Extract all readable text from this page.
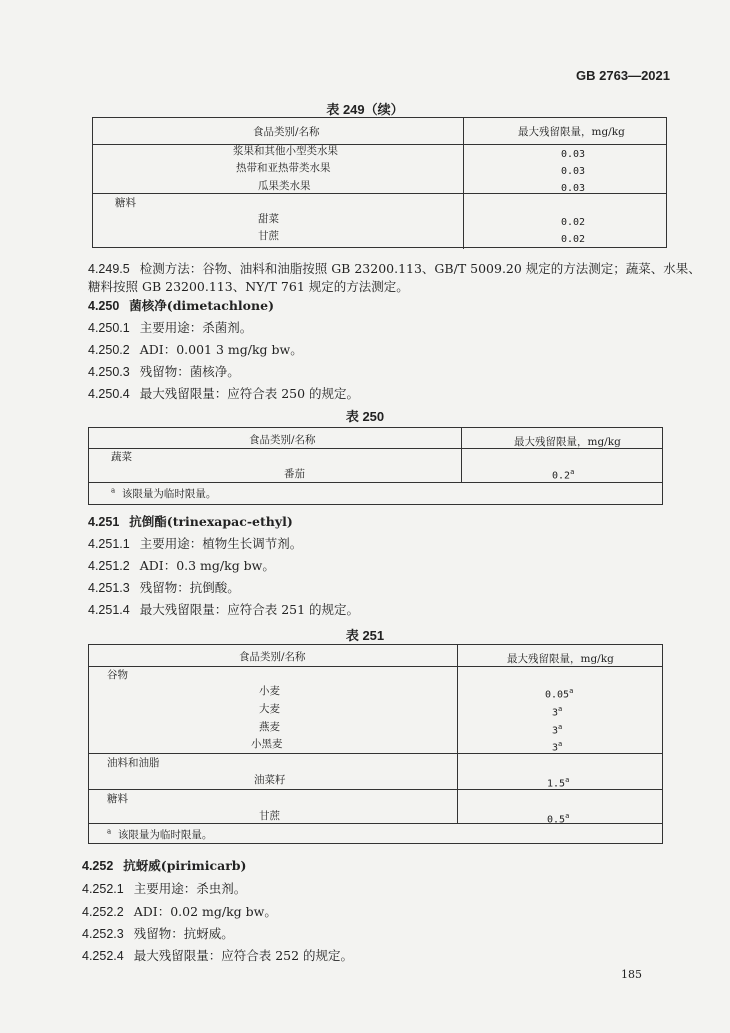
GB 2763—2021
表 249（续）
食品类别/名称	最大残留限量，mg/kg
浆果和其他小型类水果	0.03
热带和亚热带类水果	0.03
瓜果类水果	0.03
糖料
甜菜	0.02
甘蔗	0.02
4.249.5 检测方法：谷物、油料和油脂按照 GB 23200.113、GB/T 5009.20 规定的方法测定；蔬菜、水果、
糖料按照 GB 23200.113、NY/T 761 规定的方法测定。
4.250 菌核净(dimetachlone)
4.250.1 主要用途：杀菌剂。
4.250.2 ADI：0.001 3 mg/kg bw。
4.250.3 残留物：菌核净。
4.250.4 最大残留限量：应符合表 250 的规定。
表 250
食品类别/名称	最大残留限量，mg/kg
蔬菜
番茄	0.2$^a$
$^a$ 该限量为临时限量。
4.251 抗倒酯(trinexapac-ethyl)
4.251.1 主要用途：植物生长调节剂。
4.251.2 ADI：0.3 mg/kg bw。
4.251.3 残留物：抗倒酸。
4.251.4 最大残留限量：应符合表 251 的规定。
表 251
食品类别/名称	最大残留限量，mg/kg
谷物
小麦	0.05$^a$
大麦	3$^a$
燕麦	3$^a$
小黑麦	3$^a$
油料和油脂
油菜籽	1.5$^a$
糖料
甘蔗	0.5$^a$
$^a$ 该限量为临时限量。
4.252 抗蚜威(pirimicarb)
4.252.1 主要用途：杀虫剂。
4.252.2 ADI：0.02 mg/kg bw。
4.252.3 残留物：抗蚜威。
4.252.4 最大残留限量：应符合表 252 的规定。
185
